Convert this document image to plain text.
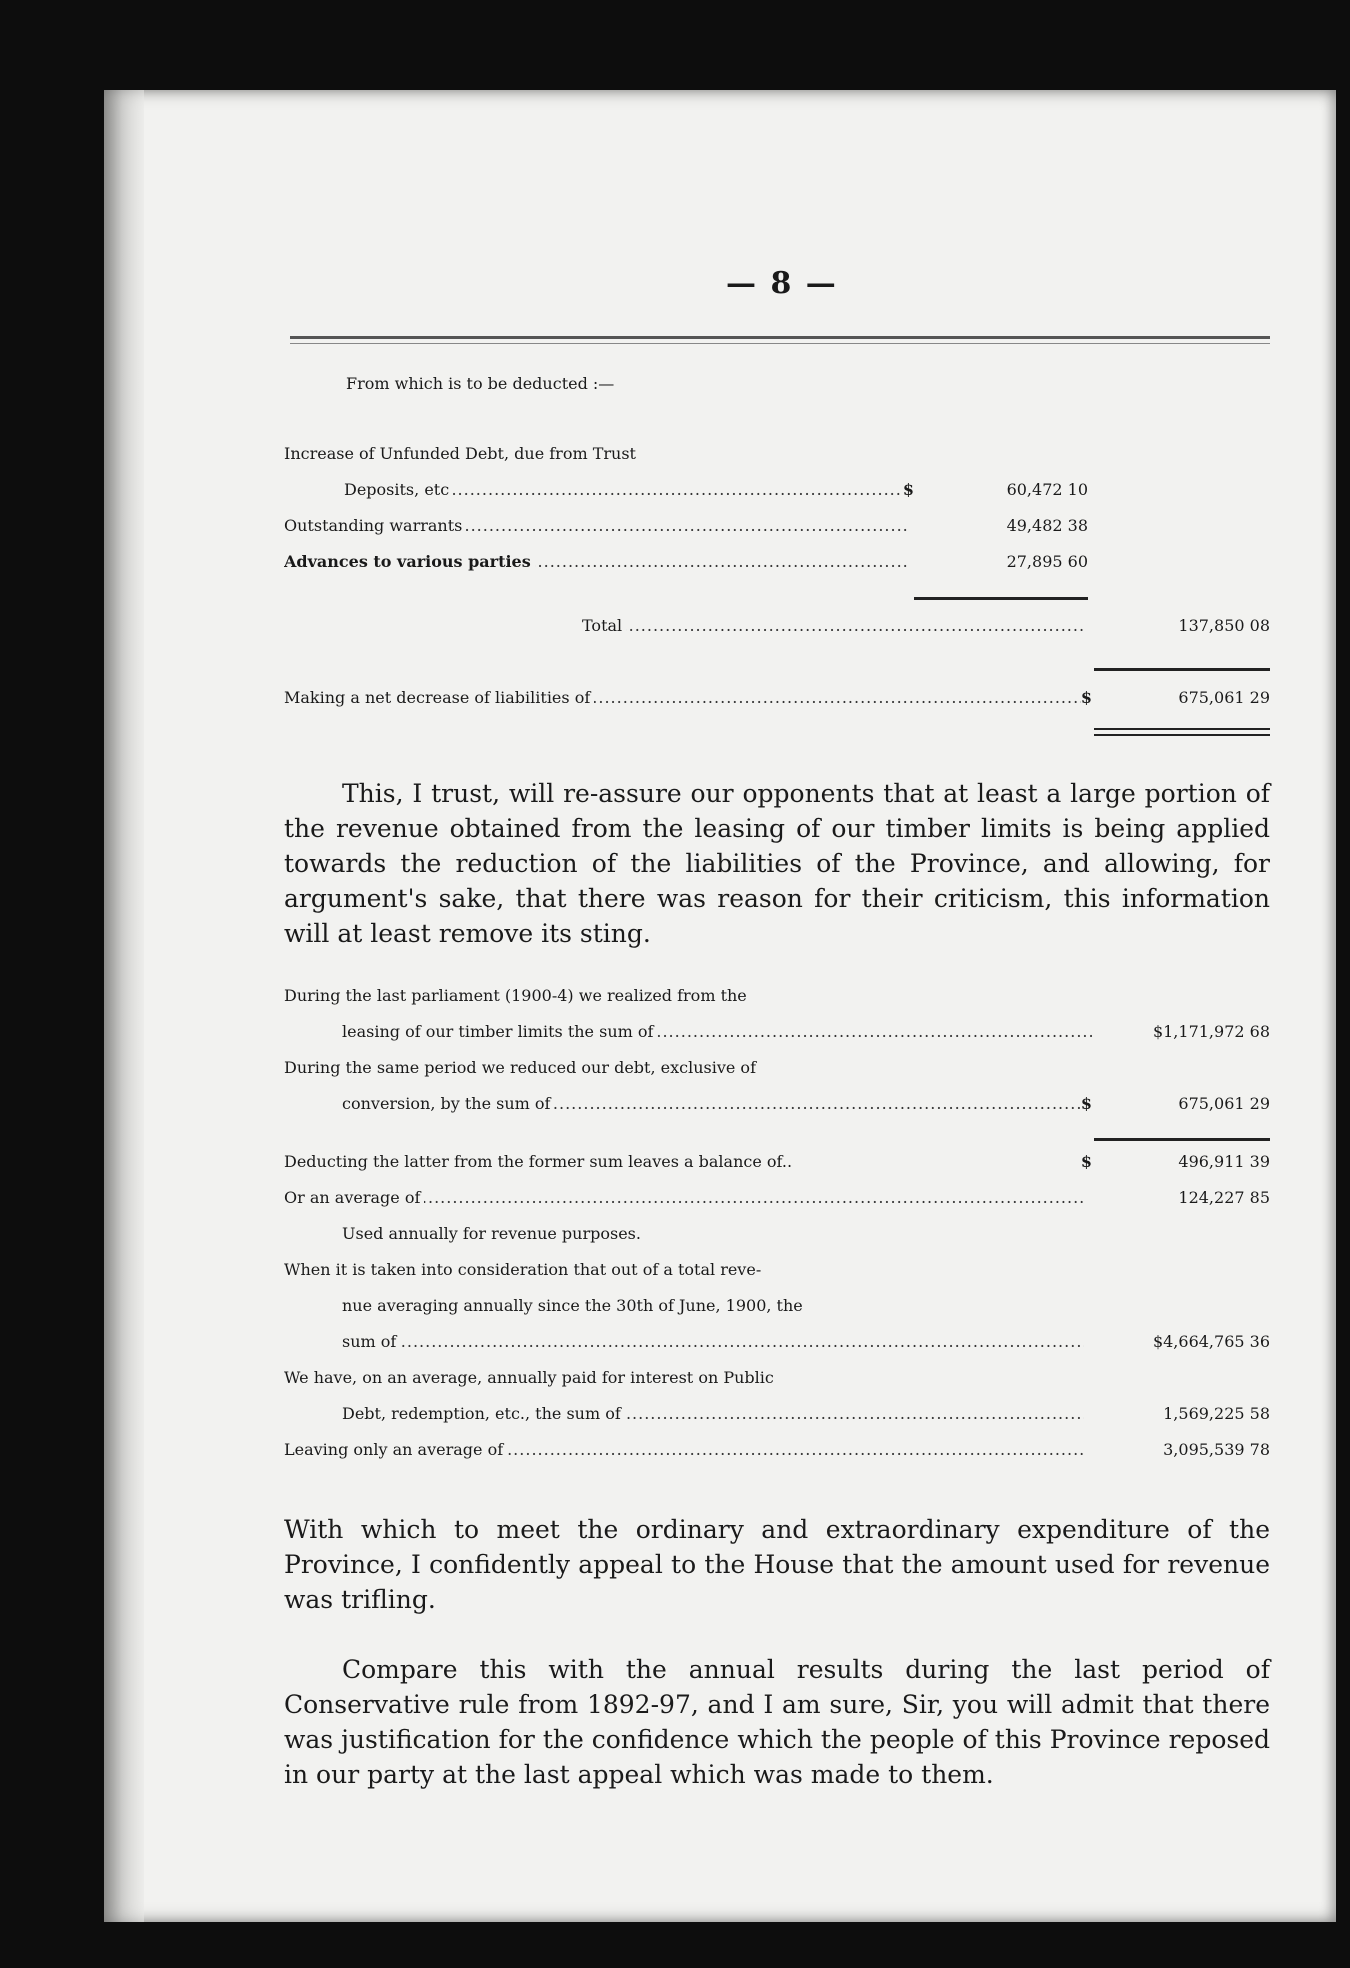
— 8 —
From which is to be deducted :—
Increase of Unfunded Debt, due from Trust
Deposits, etc .....	$	60,472 10
Outstanding warrants .....	49,482 38
Advances to various parties .....	27,895 60
Total .....	137,850 08
Making a net decrease of liabilities of .....	$	675,061 29
This, I trust, will re-assure our opponents that at least a large portion of the revenue obtained from the leasing of our timber limits is being applied towards the reduction of the liabilities of the Province, and allowing, for argument's sake, that there was reason for their criticism, this information will at least remove its sting.
During the last parliament (1900-4) we realized from the
leasing of our timber limits the sum of .....	$1,171,972 68
During the same period we reduced our debt, exclusive of
conversion, by the sum of .....	$	675,061 29
Deducting the latter from the former sum leaves a balance of..	$	496,911 39
Or an average of .....	124,227 85
Used annually for revenue purposes.
When it is taken into consideration that out of a total reve-
nue averaging annually since the 30th of June, 1900, the
sum of .....	$4,664,765 36
We have, on an average, annually paid for interest on Public
Debt, redemption, etc., the sum of .....	1,569,225 58
Leaving only an average of .....	3,095,539 78
With which to meet the ordinary and extraordinary expenditure of the Province, I confidently appeal to the House that the amount used for revenue was trifling.
Compare this with the annual results during the last period of Conservative rule from 1892-97, and I am sure, Sir, you will admit that there was justification for the confidence which the people of this Province reposed in our party at the last appeal which was made to them.
